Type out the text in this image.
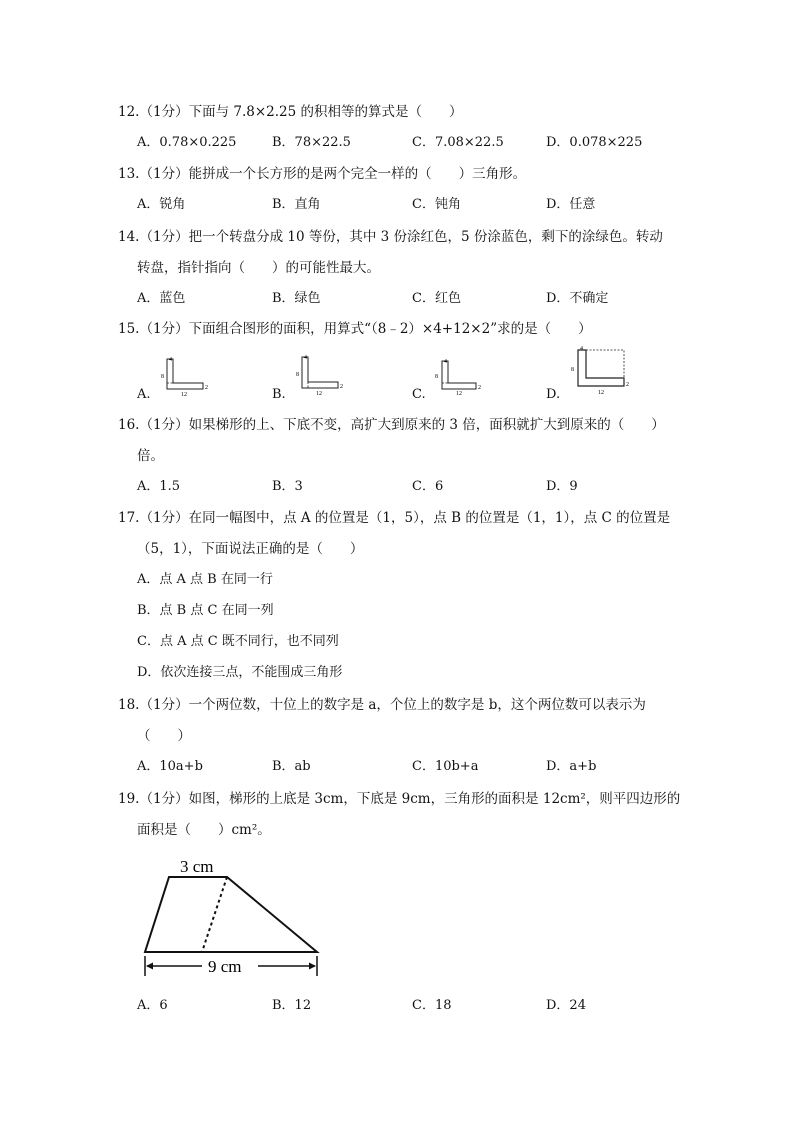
12.（1分）下面与 7.8×2.25 的积相等的算式是（　　）
A．0.78×0.225	B．78×22.5	C．7.08×22.5	D．0.078×225
13.（1分）能拼成一个长方形的是两个完全一样的（　　）三角形。
A．锐角	B．直角	C．钝角	D．任意
14.（1分）把一个转盘分成 10 等份，其中 3 份涂红色，5 份涂蓝色，剩下的涂绿色。转动
转盘，指针指向（　　）的可能性最大。
A．蓝色	B．绿色	C．红色	D．不确定
15.（1分）下面组合图形的面积，用算式“（8﹣2）×4+12×2”求的是（　　）
A.	B.	C.	D.
4
8
12
2
4
8
12
2
4
8
12
2
4
8
12
2
16.（1分）如果梯形的上、下底不变，高扩大到原来的 3 倍，面积就扩大到原来的（　　）
倍。
A．1.5	B．3	C．6	D．9
17.（1分）在同一幅图中，点 A 的位置是（1，5），点 B 的位置是（1，1），点 C 的位置是
（5，1），下面说法正确的是（　　）
A．点 A 点 B 在同一行
B．点 B 点 C 在同一列
C．点 A 点 C 既不同行，也不同列
D．依次连接三点，不能围成三角形
18.（1分）一个两位数，十位上的数字是 a，个位上的数字是 b，这个两位数可以表示为
（　　）
A．10a+b	B．ab	C．10b+a	D．a+b
19.（1分）如图，梯形的上底是 3cm，下底是 9cm，三角形的面积是 12cm²，则平四边形的
面积是（　　）cm²。
3 cm
9 cm
A．6	B．12	C．18	D．24
